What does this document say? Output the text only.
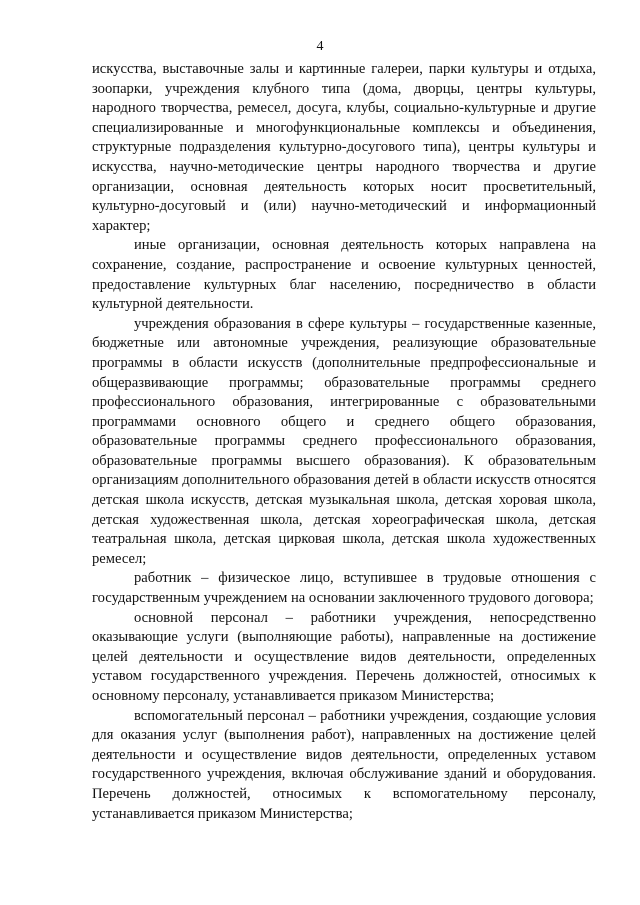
4

искусства, выставочные залы и картинные галереи, парки культуры и отдыха, зоопарки, учреждения клубного типа (дома, дворцы, центры культуры, народного творчества, ремесел, досуга, клубы, социально-культурные и другие специализированные и многофункциональные комплексы и объединения, структурные подразделения культурно-досугового типа), центры культуры и искусства, научно-методические центры народного творчества и другие организации, основная деятельность которых носит просветительный, культурно-досуговый и (или) научно-методический и информационный характер;

иные организации, основная деятельность которых направлена на сохранение, создание, распространение и освоение культурных ценностей, предоставление культурных благ населению, посредничество в области культурной деятельности.

учреждения образования в сфере культуры – государственные казенные, бюджетные или автономные учреждения, реализующие образовательные программы в области искусств (дополнительные предпрофессиональные и общеразвивающие программы; образовательные программы среднего профессионального образования, интегрированные с образовательными программами основного общего и среднего общего образования, образовательные программы среднего профессионального образования, образовательные программы высшего образования). К образовательным организациям дополнительного образования детей в области искусств относятся детская школа искусств, детская музыкальная школа, детская хоровая школа, детская художественная школа, детская хореографическая школа, детская театральная школа, детская цирковая школа, детская школа художественных ремесел;

работник – физическое лицо, вступившее в трудовые отношения с государственным учреждением на основании заключенного трудового договора;

основной персонал – работники учреждения, непосредственно оказывающие услуги (выполняющие работы), направленные на достижение целей деятельности и осуществление видов деятельности, определенных уставом государственного учреждения. Перечень должностей, относимых к основному персоналу, устанавливается приказом Министерства;

вспомогательный персонал – работники учреждения, создающие условия для оказания услуг (выполнения работ), направленных на достижение целей деятельности и осуществление видов деятельности, определенных уставом государственного учреждения, включая обслуживание зданий и оборудования. Перечень должностей, относимых к вспомогательному персоналу, устанавливается приказом Министерства;
